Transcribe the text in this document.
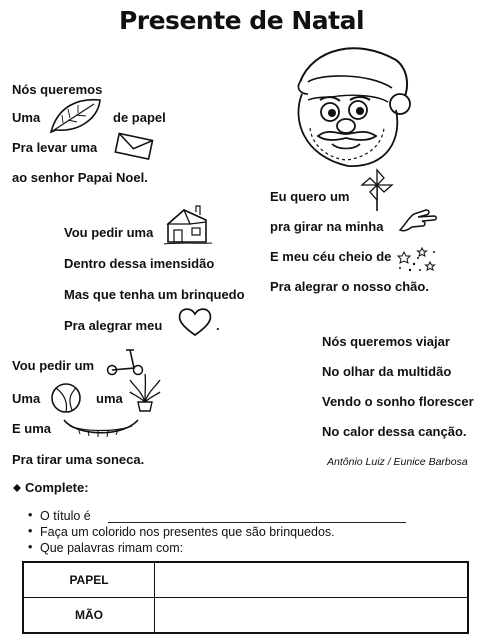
Presente de Natal
Nós queremos
Uma	de papel
Pra levar uma
ao senhor Papai Noel.
Eu quero um
pra girar na minha
E meu céu cheio de
Pra alegrar o nosso chão.
Vou pedir uma
Dentro dessa imensidão
Mas que tenha um brinquedo
Pra alegrar meu	.
Nós queremos viajar
No olhar da multidão
Vendo o sonho florescer
No calor dessa canção.
Antônio Luiz / Eunice Barbosa
Vou pedir um
Uma	uma
E uma
Pra tirar uma soneca.
Complete:
• O título é
• Faça um colorido nos presentes que são brinquedos.
• Que palavras rimam com:
PAPEL	
MÃO	
